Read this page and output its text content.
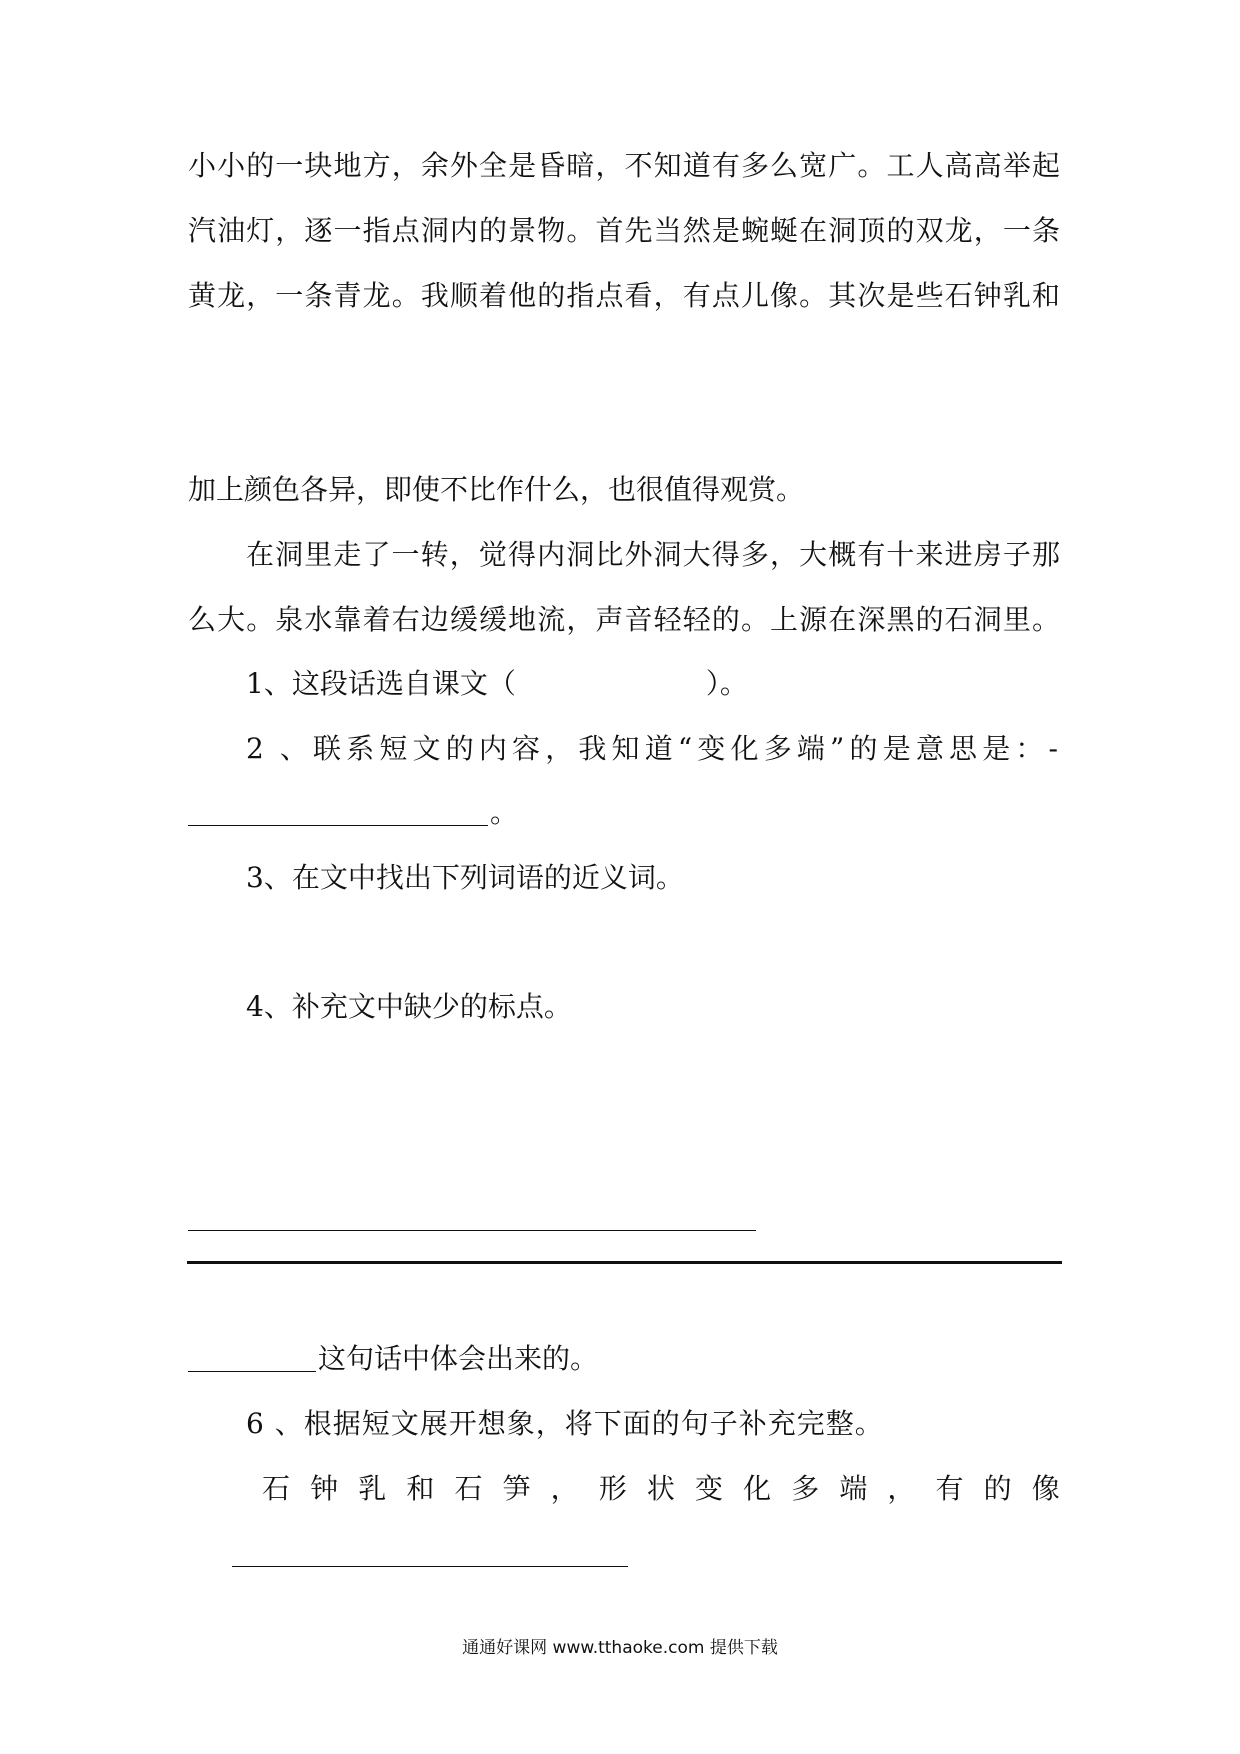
小小的一块地方，余外全是昏暗，不知道有多么宽广。工人高高举起
汽油灯，逐一指点洞内的景物。首先当然是蜿蜒在洞顶的双龙，一条
黄龙，一条青龙。我顺着他的指点看，有点儿像。其次是些石钟乳和
加上颜色各异，即使不比作什么，也很值得观赏。
在洞里走了一转，觉得内洞比外洞大得多，大概有十来进房子那
么大。泉水靠着右边缓缓地流，声音轻轻的。上源在深黑的石洞里。
1、这段话选自课文（	）。
2 、联系短文的内容，我知道“变化多端”的是意思是：-
。
3、在文中找出下列词语的近义词。
4、补充文中缺少的标点。
这句话中体会出来的。
6 、根据短文展开想象，将下面的句子补充完整。
石 钟 乳 和 石 笋 ， 形 状 变 化 多 端 ， 有 的 像
通通好课网 www.tthaoke.com 提供下载
